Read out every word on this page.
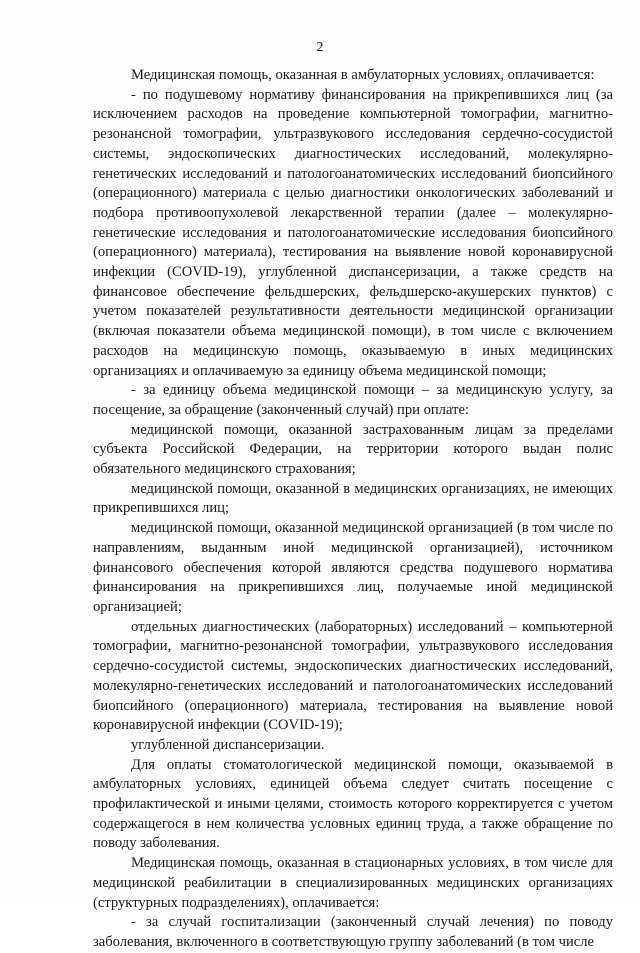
2

Медицинская помощь, оказанная в амбулаторных условиях, оплачивается:

- по подушевому нормативу финансирования на прикрепившихся лиц (за исключением расходов на проведение компьютерной томографии, магнитно-резонансной томографии, ультразвукового исследования сердечно-сосудистой системы, эндоскопических диагностических исследований, молекулярно-генетических исследований и патологоанатомических исследований биопсийного (операционного) материала с целью диагностики онкологических заболеваний и подбора противоопухолевой лекарственной терапии (далее – молекулярно-генетические исследования и патологоанатомические исследования биопсийного (операционного) материала), тестирования на выявление новой коронавирусной инфекции (COVID-19), углубленной диспансеризации, а также средств на финансовое обеспечение фельдшерских, фельдшерско-акушерских пунктов) с учетом показателей результативности деятельности медицинской организации (включая показатели объема медицинской помощи), в том числе с включением расходов на медицинскую помощь, оказываемую в иных медицинских организациях и оплачиваемую за единицу объема медицинской помощи;

- за единицу объема медицинской помощи – за медицинскую услугу, за посещение, за обращение (законченный случай) при оплате:

медицинской помощи, оказанной застрахованным лицам за пределами субъекта Российской Федерации, на территории которого выдан полис обязательного медицинского страхования;

медицинской помощи, оказанной в медицинских организациях, не имеющих прикрепившихся лиц;

медицинской помощи, оказанной медицинской организацией (в том числе по направлениям, выданным иной медицинской организацией), источником финансового обеспечения которой являются средства подушевого норматива финансирования на прикрепившихся лиц, получаемые иной медицинской организацией;

отдельных диагностических (лабораторных) исследований – компьютерной томографии, магнитно-резонансной томографии, ультразвукового исследования сердечно-сосудистой системы, эндоскопических диагностических исследований, молекулярно-генетических исследований и патологоанатомических исследований биопсийного (операционного) материала, тестирования на выявление новой коронавирусной инфекции (COVID-19);

углубленной диспансеризации.

Для оплаты стоматологической медицинской помощи, оказываемой в амбулаторных условиях, единицей объема следует считать посещение с профилактической и иными целями, стоимость которого корректируется с учетом содержащегося в нем количества условных единиц труда, а также обращение по поводу заболевания.

Медицинская помощь, оказанная в стационарных условиях, в том числе для медицинской реабилитации в специализированных медицинских организациях (структурных подразделениях), оплачивается:

- за случай госпитализации (законченный случай лечения) по поводу заболевания, включенного в соответствующую группу заболеваний (в том числе
